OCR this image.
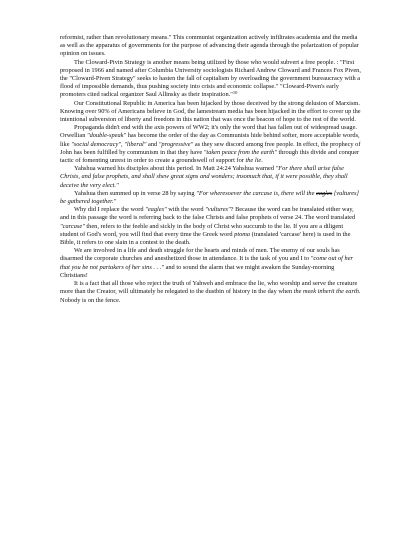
reformist, rather than revolutionary means." This communist organization actively infiltrates academia and the media as well as the apparatus of governments for the purpose of advancing their agenda through the polarization of popular opinion on issues.

The Cloward-Pivin Strategy is another means being utilized by those who would subvert a free people. : "First proposed in 1966 and named after Columbia University sociologists Richard Andrew Cloward and Frances Fox Piven, the "Cloward-Piven Strategy" seeks to hasten the fall of capitalism by overloading the government bureaucracy with a flood of impossible demands, thus pushing society into crisis and economic collapse." "Cloward-Piven's early promoters cited radical organizer Saul Allinsky as their inspiration."$^{10}$

Our Constitutional Republic in America has been hijacked by those deceived by the strong delusion of Marxism. Knowing over 90% of Americans believe in God, the lamestream media has been hijacked in the effort to cover up the intentional subversion of liberty and freedom in this nation that was once the beacon of hope to the rest of the world.

Propaganda didn't end with the axis powers of WW2; it's only the word that has fallen out of widespread usage. Orwellian "double-speak" has become the order of the day as Communists hide behind softer, more acceptable words, like "social democracy", "liberal" and "progressive" as they sew discord among free people. In effect, the prophecy of John has been fulfilled by communism in that they have "taken peace from the earth" through this divide and conquer tactic of fomenting unrest in order to create a groundswell of support for the lie.

Yahshua warned his disciples about this period. In Matt 24:24 Yahshua warned "For there shall arise false Christs, and false prophets, and shall shew great signs and wonders; insomuch that, if it were possible, they shall deceive the very elect."

Yahshua then summed up in verse 28 by saying "For wheresoever the carcase is, there will the eagles [vultures] be gathered together."

Why did I replace the word "eagles" with the word "vultures"? Because the word can be translated either way, and in this passage the word is referring back to the false Christs and false prophets of verse 24. The word translated "carcase" then, refers to the feeble and sickly in the body of Christ who succumb to the lie. If you are a diligent student of God's word, you will find that every time the Greek word ptoma (translated 'carcase' here) is used in the Bible, it refers to one slain in a contest to the death.

We are involved in a life and death struggle for the hearts and minds of men. The enemy of our souls has disarmed the corporate churches and anesthetized those in attendance. It is the task of you and I to "come out of her that you be not partakers of her sins . . ." and to sound the alarm that we might awaken the Sunday-morning Christians!

It is a fact that all those who reject the truth of Yahweh and embrace the lie, who worship and serve the creature more than the Creator, will ultimately be relegated to the dustbin of history in the day when the meek inherit the earth. Nobody is on the fence.
